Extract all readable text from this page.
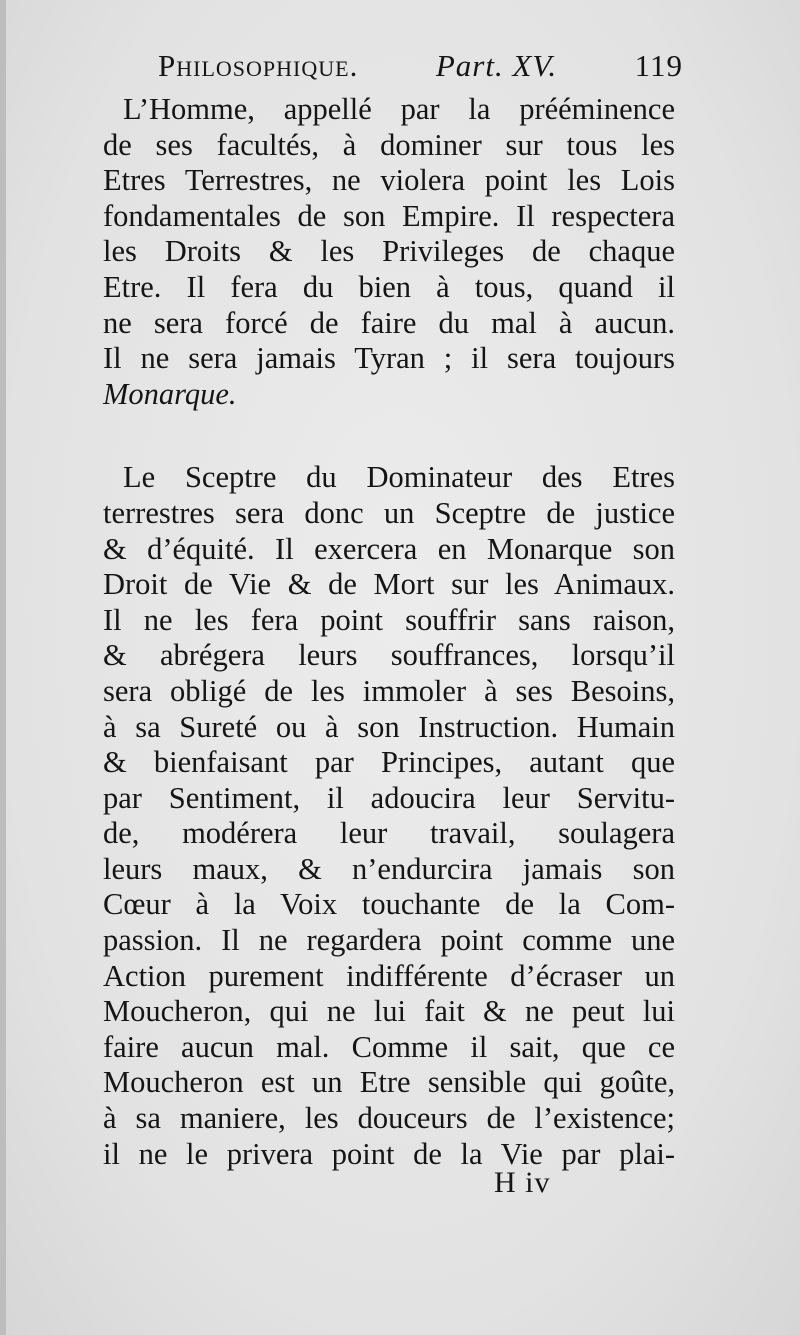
Philosophique.	Part. XV.	119
L’Homme, appellé par la prééminence
de ses facultés, à dominer sur tous les
Etres Terrestres, ne violera point les Lois
fondamentales de son Empire. Il respectera
les Droits & les Privileges de chaque
Etre. Il fera du bien à tous, quand il
ne sera forcé de faire du mal à aucun.
Il ne sera jamais Tyran ; il sera toujours
Monarque.
Le Sceptre du Dominateur des Etres
terrestres sera donc un Sceptre de justice
& d’équité. Il exercera en Monarque son
Droit de Vie & de Mort sur les Animaux.
Il ne les fera point souffrir sans raison,
& abrégera leurs souffrances, lorsqu’il
sera obligé de les immoler à ses Besoins,
à sa Sureté ou à son Instruction. Humain
& bienfaisant par Principes, autant que
par Sentiment, il adoucira leur Servitu-
de, modérera leur travail, soulagera
leurs maux, & n’endurcira jamais son
Cœur à la Voix touchante de la Com-
passion. Il ne regardera point comme une
Action purement indifférente d’écraser un
Moucheron, qui ne lui fait & ne peut lui
faire aucun mal. Comme il sait, que ce
Moucheron est un Etre sensible qui goûte,
à sa maniere, les douceurs de l’existence;
il ne le privera point de la Vie par plai-
H iv
